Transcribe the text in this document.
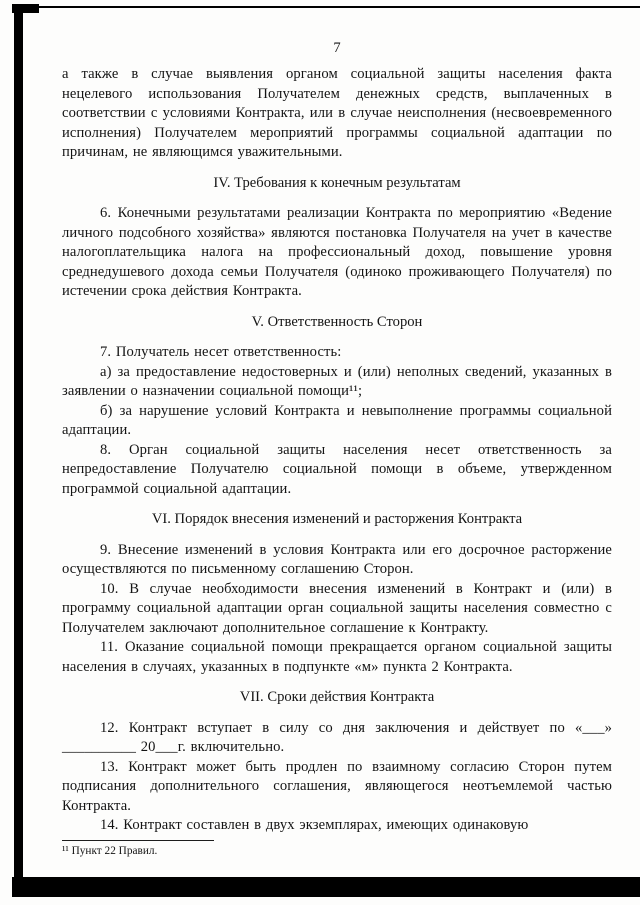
7

а также в случае выявления органом социальной защиты населения факта нецелевого использования Получателем денежных средств, выплаченных в соответствии с условиями Контракта, или в случае неисполнения (несвоевременного исполнения) Получателем мероприятий программы социальной адаптации по причинам, не являющимся уважительными.

IV. Требования к конечным результатам

6. Конечными результатами реализации Контракта по мероприятию «Ведение личного подсобного хозяйства» являются постановка Получателя на учет в качестве налогоплательщика налога на профессиональный доход, повышение уровня среднедушевого дохода семьи Получателя (одиноко проживающего Получателя) по истечении срока действия Контракта.

V. Ответственность Сторон

7. Получатель несет ответственность:

а) за предоставление недостоверных и (или) неполных сведений, указанных в заявлении о назначении социальной помощи¹¹;

б) за нарушение условий Контракта и невыполнение программы социальной адаптации.

8. Орган социальной защиты населения несет ответственность за непредоставление Получателю социальной помощи в объеме, утвержденном программой социальной адаптации.

VI. Порядок внесения изменений и расторжения Контракта

9. Внесение изменений в условия Контракта или его досрочное расторжение осуществляются по письменному соглашению Сторон.

10. В случае необходимости внесения изменений в Контракт и (или) в программу социальной адаптации орган социальной защиты населения совместно с Получателем заключают дополнительное соглашение к Контракту.

11. Оказание социальной помощи прекращается органом социальной защиты населения в случаях, указанных в подпункте «м» пункта 2 Контракта.

VII. Сроки действия Контракта

12. Контракт вступает в силу со дня заключения и действует по «___» __________ 20___г. включительно.

13. Контракт может быть продлен по взаимному согласию Сторон путем подписания дополнительного соглашения, являющегося неотъемлемой частью Контракта.

14. Контракт составлен в двух экземплярах, имеющих одинаковую

¹¹ Пункт 22 Правил.
